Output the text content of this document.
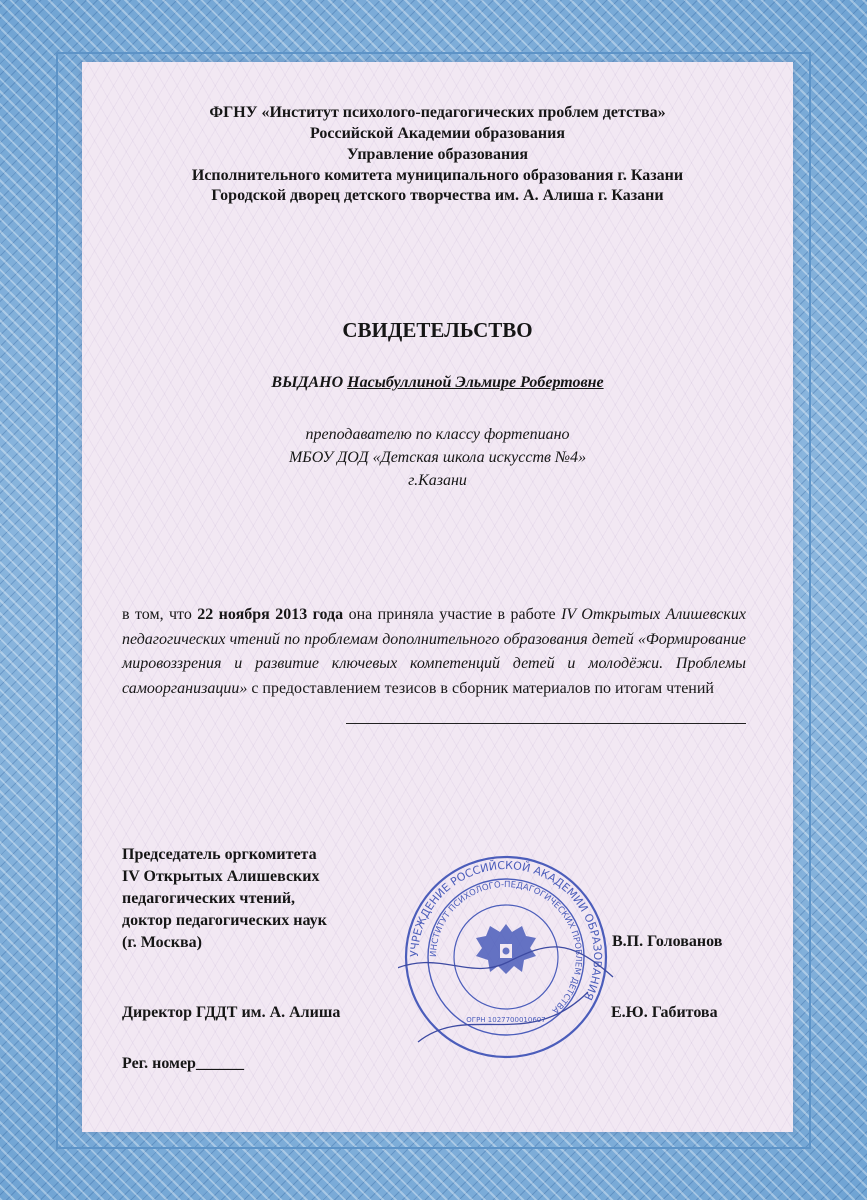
ФГНУ «Институт психолого-педагогических проблем детства»
Российской Академии образования
Управление образования
Исполнительного комитета муниципального образования г. Казани
Городской дворец детского творчества им. А. Алиша г. Казани
СВИДЕТЕЛЬСТВО
ВЫДАНО Насыбуллиной Эльмире Робертовне
преподавателю по классу фортепиано
МБОУ ДОД «Детская школа искусств №4»
г.Казани
в том, что 22 ноября 2013 года она приняла участие в работе IV Открытых Алишевских педагогических чтений по проблемам дополнительного образования детей «Формирование мировоззрения и развитие ключевых компетенций детей и молодёжи. Проблемы самоорганизации» с предоставлением тезисов в сборник материалов по итогам чтений
Председатель оргкомитета
IV Открытых Алишевских
педагогических чтений,
доктор педагогических наук
(г. Москва)	В.П. Голованов
Директор ГДДТ им. А. Алиша	Е.Ю. Габитова
Рег. номер______
УЧРЕЖДЕНИЕ РОССИЙСКОЙ АКАДЕМИИ ОБРАЗОВАНИЯ
ИНСТИТУТ ПСИХОЛОГО-ПЕДАГОГИЧЕСКИХ ПРОБЛЕМ ДЕТСТВА
ОГРН 1027700010607
